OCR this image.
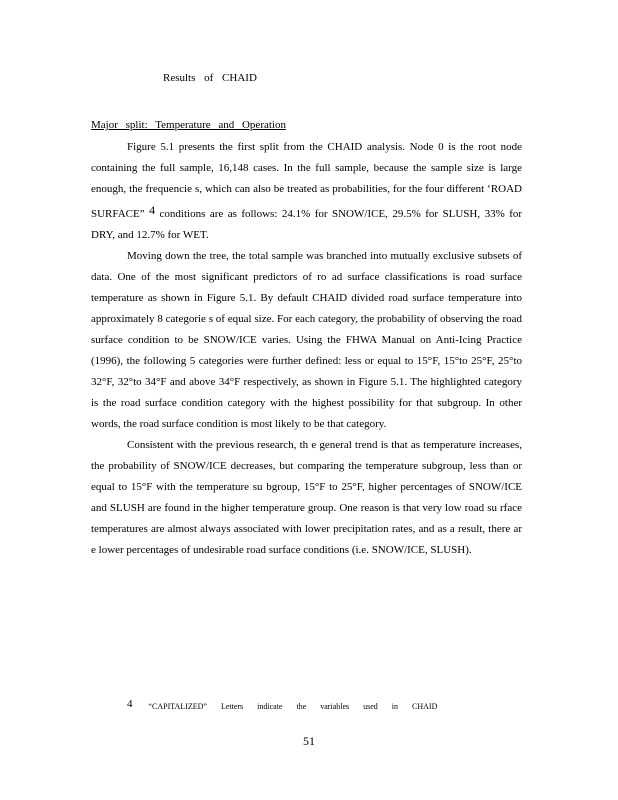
Results of CHAID
Major split: Temperature and Operation

Figure 5.1 presents the first split from the CHAID analysis. Node 0 is the root node containing the full sample, 16,148 cases. In the full sample, because the sample size is large enough, the frequencie s, which can also be treated as probabilities, for the four different ‘ROAD SURFACE” 4 conditions are as follows: 24.1% for SNOW/ICE, 29.5% for SLUSH, 33% for DRY, and 12.7% for WET.

Moving down the tree, the total sample was branched into mutually exclusive subsets of data. One of the most significant predictors of ro ad surface classifications is road surface temperature as shown in Figure 5.1. By default CHAID divided road surface temperature into approximately 8 categorie s of equal size. For each category, the probability of observing the road surface condition to be SNOW/ICE varies. Using the FHWA Manual on Anti-Icing Practice (1996), the following 5 categories were further defined: less or equal to 15°F, 15°to 25°F, 25°to 32°F, 32°to 34°F and above 34°F respectively, as shown in Figure 5.1. The highlighted category is the road surface condition category with the highest possibility for that subgroup. In other words, the road surface condition is most likely to be that category.

Consistent with the previous research, th e general trend is that as temperature increases, the probability of SNOW/ICE decreases, but comparing the temperature subgroup, less than or equal to 15°F with the temperature su bgroup, 15°F to 25°F, higher percentages of SNOW/ICE and SLUSH are found in the higher temperature group. One reason is that very low road su rface temperatures are almost always associated with lower precipitation rates, and as a result, there ar e lower percentages of undesirable road surface conditions (i.e. SNOW/ICE, SLUSH).

4 “CAPITALIZED” Letters indicate the variables used in CHAID
51
